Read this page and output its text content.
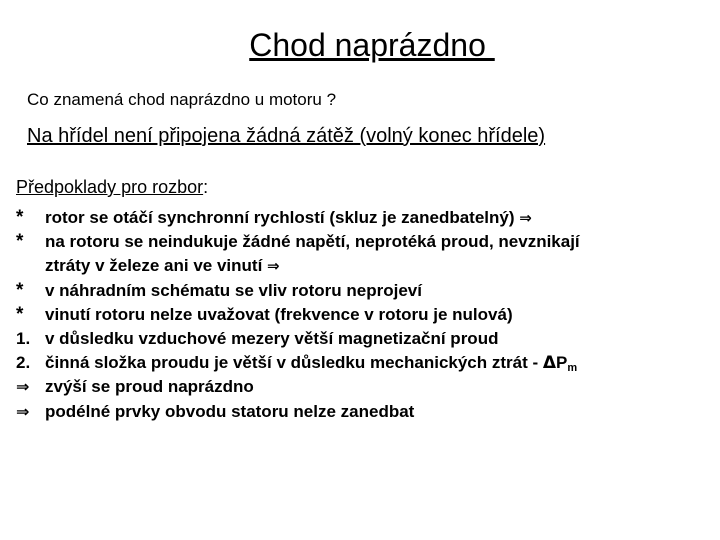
Chod naprázdno
Co znamená chod naprázdno u motoru ?
Na hřídel není připojena žádná zátěž (volný konec hřídele)
Předpoklady pro rozbor:
*	rotor se otáčí synchronní rychlostí (skluz je zanedbatelný) ⇒
*	na rotoru se neindukuje žádné napětí, neprotéká proud, nevznikají
ztráty v železe ani ve vinutí ⇒
*	v náhradním schématu se vliv rotoru neprojeví
*	vinutí rotoru nelze uvažovat (frekvence v rotoru je nulová)
1. v důsledku vzduchové mezery větší magnetizační proud
2. činná složka proudu je větší v důsledku mechanických ztrát - $\Delta P_m$
⇒ zvýší se proud naprázdno
⇒ podélné prvky obvodu statoru nelze zanedbat
